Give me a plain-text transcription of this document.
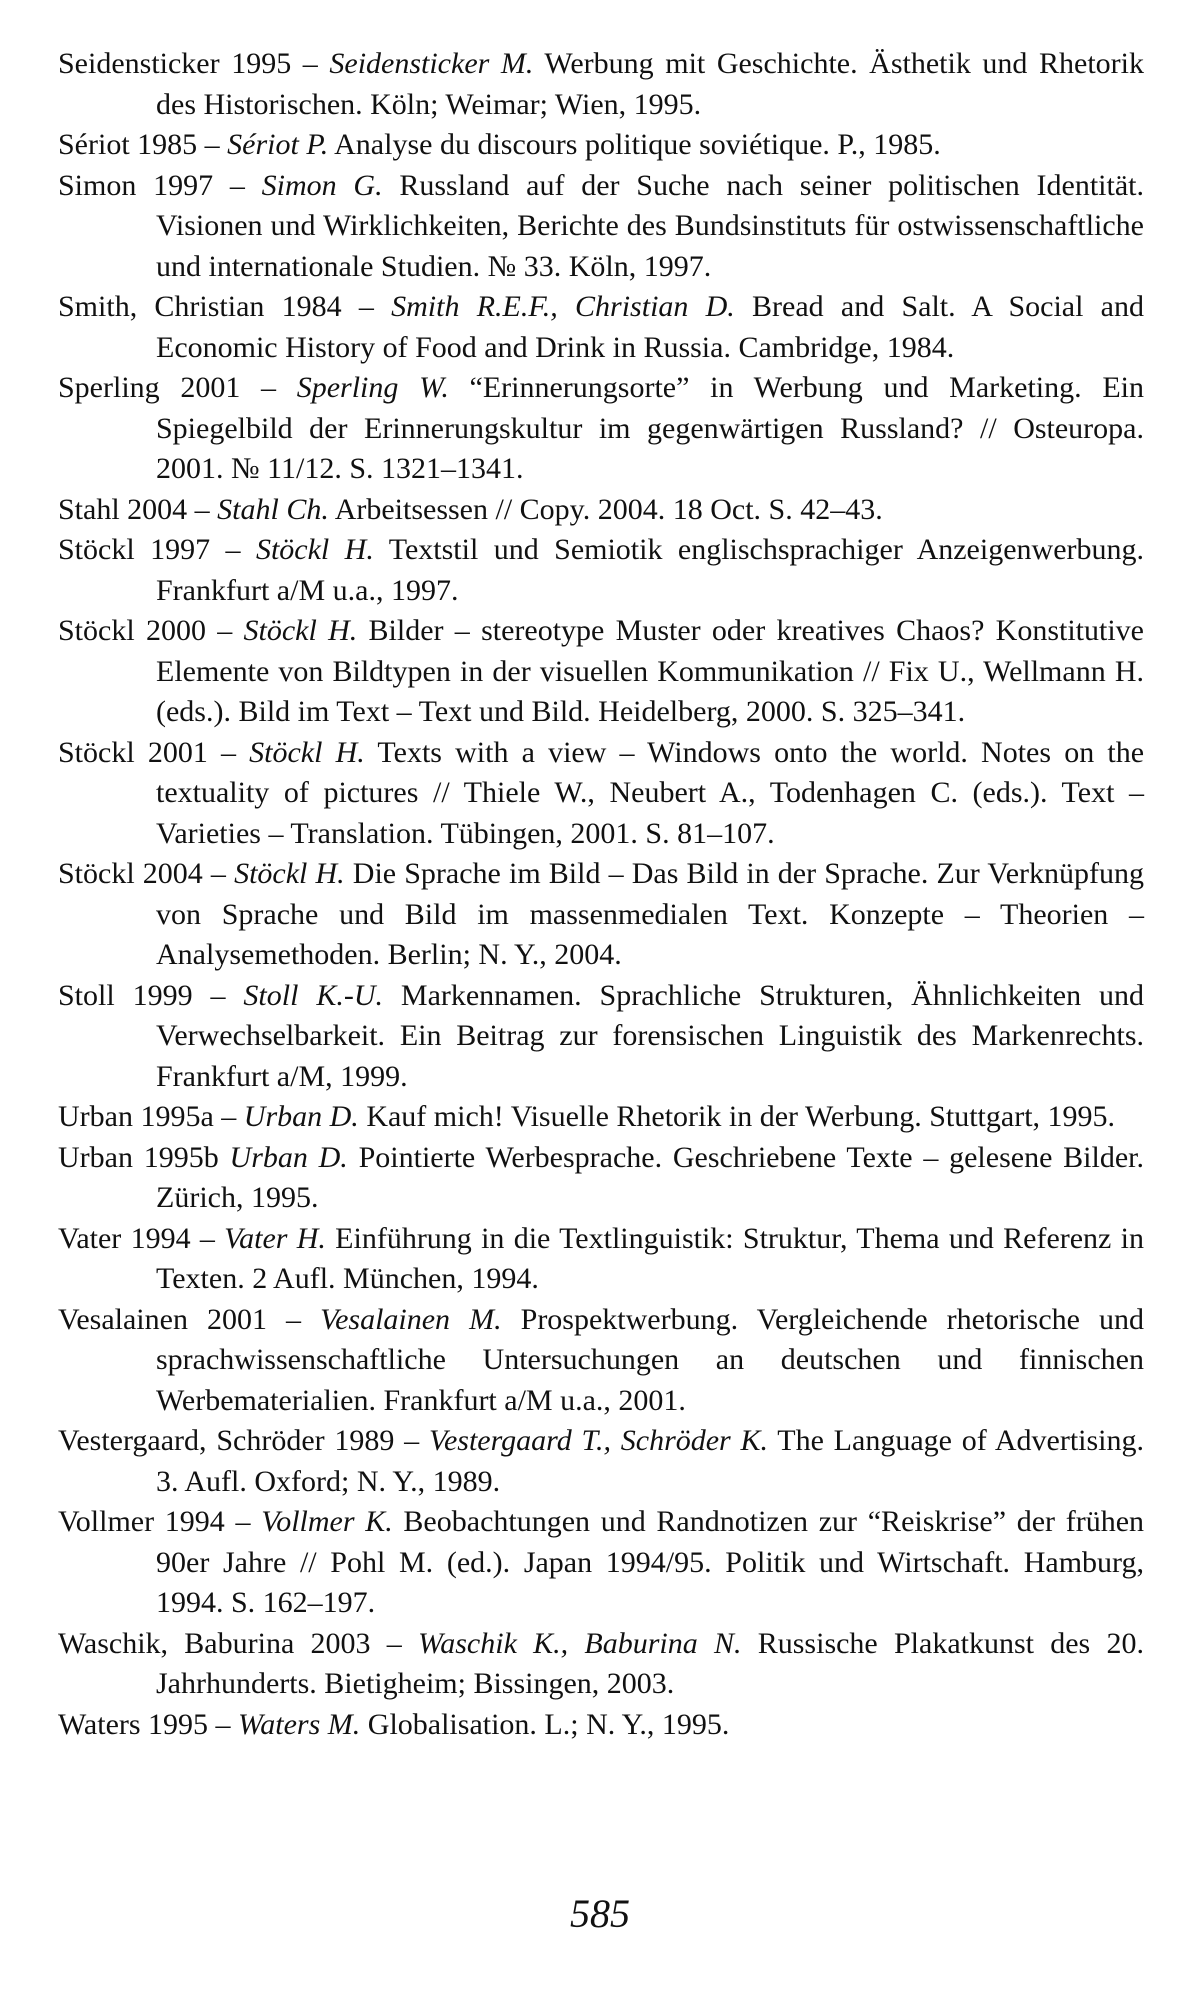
Seidensticker 1995 – Seidensticker M. Werbung mit Geschichte. Ästhetik und Rhetorik des Historischen. Köln; Weimar; Wien, 1995.

Sériot 1985 – Sériot P. Analyse du discours politique soviétique. P., 1985.

Simon 1997 – Simon G. Russland auf der Suche nach seiner politischen Identität. Visionen und Wirklichkeiten, Berichte des Bundsinstituts für ostwissenschaftliche und internationale Studien. № 33. Köln, 1997.

Smith, Christian 1984 – Smith R.E.F., Christian D. Bread and Salt. A Social and Economic History of Food and Drink in Russia. Cambridge, 1984.

Sperling 2001 – Sperling W. “Erinnerungsorte” in Werbung und Marketing. Ein Spiegelbild der Erinnerungskultur im gegenwärtigen Russland? // Osteuropa. 2001. № 11/12. S. 1321–1341.

Stahl 2004 – Stahl Ch. Arbeitsessen // Copy. 2004. 18 Oct. S. 42–43.

Stöckl 1997 – Stöckl H. Textstil und Semiotik englischsprachiger Anzeigenwerbung. Frankfurt a/M u.a., 1997.

Stöckl 2000 – Stöckl H. Bilder – stereotype Muster oder kreatives Chaos? Konstitutive Elemente von Bildtypen in der visuellen Kommunikation // Fix U., Wellmann H. (eds.). Bild im Text – Text und Bild. Heidelberg, 2000. S. 325–341.

Stöckl 2001 – Stöckl H. Texts with a view – Windows onto the world. Notes on the textuality of pictures // Thiele W., Neubert A., Todenhagen C. (eds.). Text – Varieties – Translation. Tübingen, 2001. S. 81–107.

Stöckl 2004 – Stöckl H. Die Sprache im Bild – Das Bild in der Sprache. Zur Verknüpfung von Sprache und Bild im massenmedialen Text. Konzepte – Theorien – Analysemethoden. Berlin; N. Y., 2004.

Stoll 1999 – Stoll K.-U. Markennamen. Sprachliche Strukturen, Ähnlichkeiten und Verwechselbarkeit. Ein Beitrag zur forensischen Linguistik des Markenrechts. Frankfurt a/M, 1999.

Urban 1995a – Urban D. Kauf mich! Visuelle Rhetorik in der Werbung. Stuttgart, 1995.

Urban 1995b Urban D. Pointierte Werbesprache. Geschriebene Texte – gelesene Bilder. Zürich, 1995.

Vater 1994 – Vater H. Einführung in die Textlinguistik: Struktur, Thema und Referenz in Texten. 2 Aufl. München, 1994.

Vesalainen 2001 – Vesalainen M. Prospektwerbung. Vergleichende rhetorische und sprachwissenschaftliche Untersuchungen an deutschen und finnischen Werbematerialien. Frankfurt a/M u.a., 2001.

Vestergaard, Schröder 1989 – Vestergaard T., Schröder K. The Language of Advertising. 3. Aufl. Oxford; N. Y., 1989.

Vollmer 1994 – Vollmer K. Beobachtungen und Randnotizen zur “Reiskrise” der frühen 90er Jahre // Pohl M. (ed.). Japan 1994/95. Politik und Wirtschaft. Hamburg, 1994. S. 162–197.

Waschik, Baburina 2003 – Waschik K., Baburina N. Russische Plakatkunst des 20. Jahrhunderts. Bietigheim; Bissingen, 2003.

Waters 1995 – Waters M. Globalisation. L.; N. Y., 1995.

585
